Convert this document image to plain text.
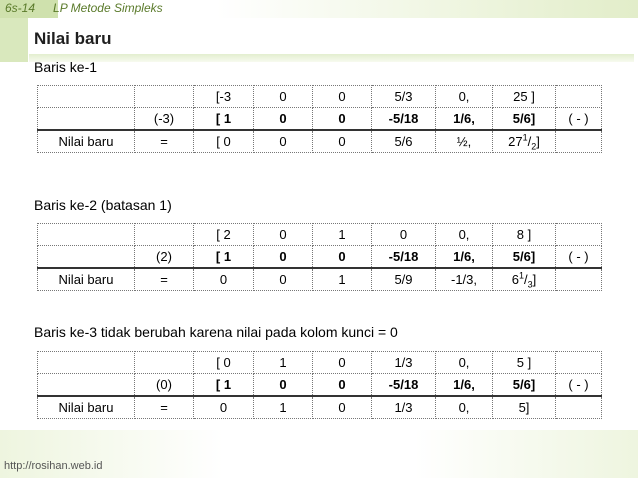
6s-14 LP Metode Simpleks
Nilai baru
Baris ke-1
		[-3	0	0	5/3	0,	25 ]	
	(-3)	[ 1	0	0	-5/18	1/6,	5/6]	( - )
Nilai baru	=	[ 0	0	0	5/6	½,	$27^1/_2$]	
Baris ke-2 (batasan 1)
		[ 2	0	1	0	0,	8 ]	
	(2)	[ 1	0	0	-5/18	1/6,	5/6]	( - )
Nilai baru	=	0	0	1	5/9	-1/3,	$6^1/_3$]	
Baris ke-3 tidak berubah karena nilai pada kolom kunci = 0
		[ 0	1	0	1/3	0,	5 ]	
	(0)	[ 1	0	0	-5/18	1/6,	5/6]	( - )
Nilai baru	=	0	1	0	1/3	0,	5]	
http://rosihan.web.id
